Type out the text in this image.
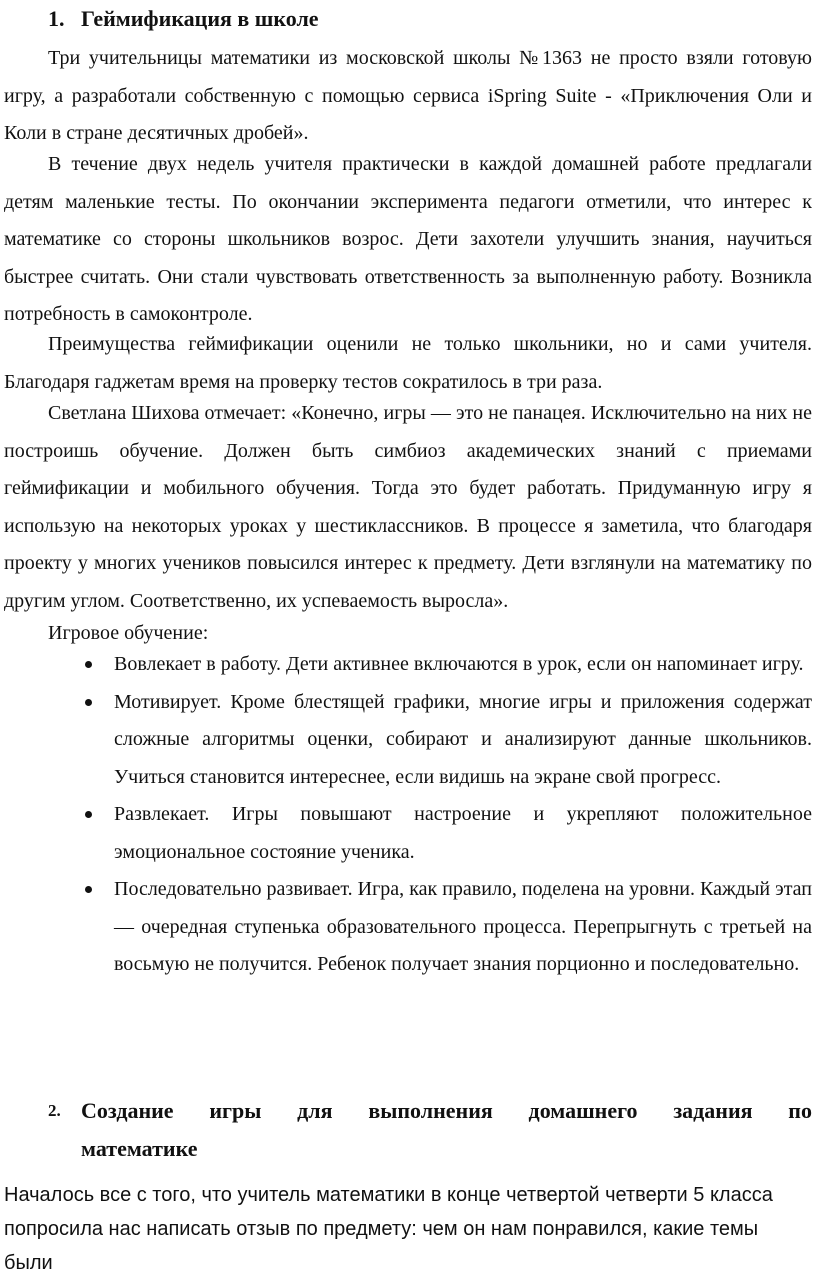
1. Геймификация в школе
Три учительницы математики из московской школы №1363 не просто взяли готовую игру, а разработали собственную с помощью сервиса iSpring Suite - «Приключения Оли и Коли в стране десятичных дробей».
В течение двух недель учителя практически в каждой домашней работе предлагали детям маленькие тесты. По окончании эксперимента педагоги отметили, что интерес к математике со стороны школьников возрос. Дети захотели улучшить знания, научиться быстрее считать. Они стали чувствовать ответственность за выполненную работу. Возникла потребность в самоконтроле.
Преимущества геймификации оценили не только школьники, но и сами учителя. Благодаря гаджетам время на проверку тестов сократилось в три раза.
Светлана Шихова отмечает: «Конечно, игры — это не панацея. Исключительно на них не построишь обучение. Должен быть симбиоз академических знаний с приемами геймификации и мобильного обучения. Тогда это будет работать. Придуманную игру я использую на некоторых уроках у шестиклассников. В процессе я заметила, что благодаря проекту у многих учеников повысился интерес к предмету. Дети взглянули на математику по другим углом. Соответственно, их успеваемость выросла».
Игровое обучение:
Вовлекает в работу. Дети активнее включаются в урок, если он напоминает игру.
Мотивирует. Кроме блестящей графики, многие игры и приложения содержат сложные алгоритмы оценки, собирают и анализируют данные школьников. Учиться становится интереснее, если видишь на экране свой прогресс.
Развлекает. Игры повышают настроение и укрепляют положительное эмоциональное состояние ученика.
Последовательно развивает. Игра, как правило, поделена на уровни. Каждый этап — очередная ступенька образовательного процесса. Перепрыгнуть с третьей на восьмую не получится. Ребенок получает знания порционно и последовательно.
2. Создание игры для выполнения домашнего задания по
математике
Началось все с того, что учитель математики в конце четвертой четверти 5 класса попросила нас написать отзыв по предмету: чем он нам понравился, какие темы были
